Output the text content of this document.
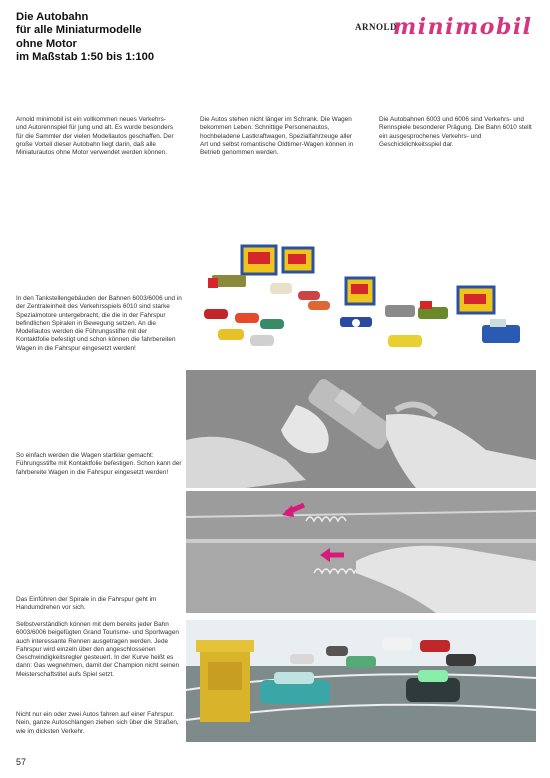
Die Autobahn
für alle Miniaturmodelle
ohne Motor
im Maßstab 1:50 bis 1:100
ARNOLD
minimobil
Arnold minimobil ist ein vollkommen neues Verkehrs- und Autorennspiel für jung und alt. Es wurde besonders für die Sammler der vielen Modellautos geschaffen. Der große Vorteil dieser Autobahn liegt darin, daß alle Miniaturautos ohne Motor verwendet werden können.
Die Autos stehen nicht länger im Schrank. Die Wagen bekommen Leben. Schnittige Personenautos, hochbeladene Lastkraftwagen, Spezialfahrzeuge aller Art und selbst romantische Oldtimer-Wagen können in Betrieb genommen werden.
Die Autobahnen 6003 und 6006 sind Verkehrs- und Rennspiele besonderer Prägung. Die Bahn 6010 stellt ein ausgesprochenes Verkehrs- und Geschicklichkeitsspiel dar.
In den Tankstellengebäuden der Bahnen 6003/6006 und in der Zentraleinheit des Verkehrsspiels 6010 sind starke Spezialmotore untergebracht, die die in der Fahrspur befindlichen Spiralen in Bewegung setzen. An die Modellautos werden die Führungsstifte mit der Kontaktfolie befestigt und schon können die fahrbereiten Wagen in die Fahrspur eingesetzt werden!
So einfach werden die Wagen startklar gemacht: Führungsstifte mit Kontaktfolie befestigen. Schon kann der fahrbereite Wagen in die Fahrspur eingesetzt werden!
Das Einführen der Spirale in die Fahrspur geht im Handumdrehen vor sich.
Selbstverständlich können mit dem bereits jeder Bahn 6003/6006 beigefügten Grand Tourisme- und Sportwagen auch interessante Rennen ausgetragen werden. Jede Fahrspur wird einzeln über den angeschlossenen Geschwindigkeitsregler gesteuert. In der Kurve heißt es dann: Gas wegnehmen, damit der Champion nicht seinen Meisterschaftstitel aufs Spiel setzt.
Nicht nur ein oder zwei Autos fahren auf einer Fahrspur. Nein, ganze Autoschlangen ziehen sich über die Straßen, wie im dicksten Verkehr.
57
